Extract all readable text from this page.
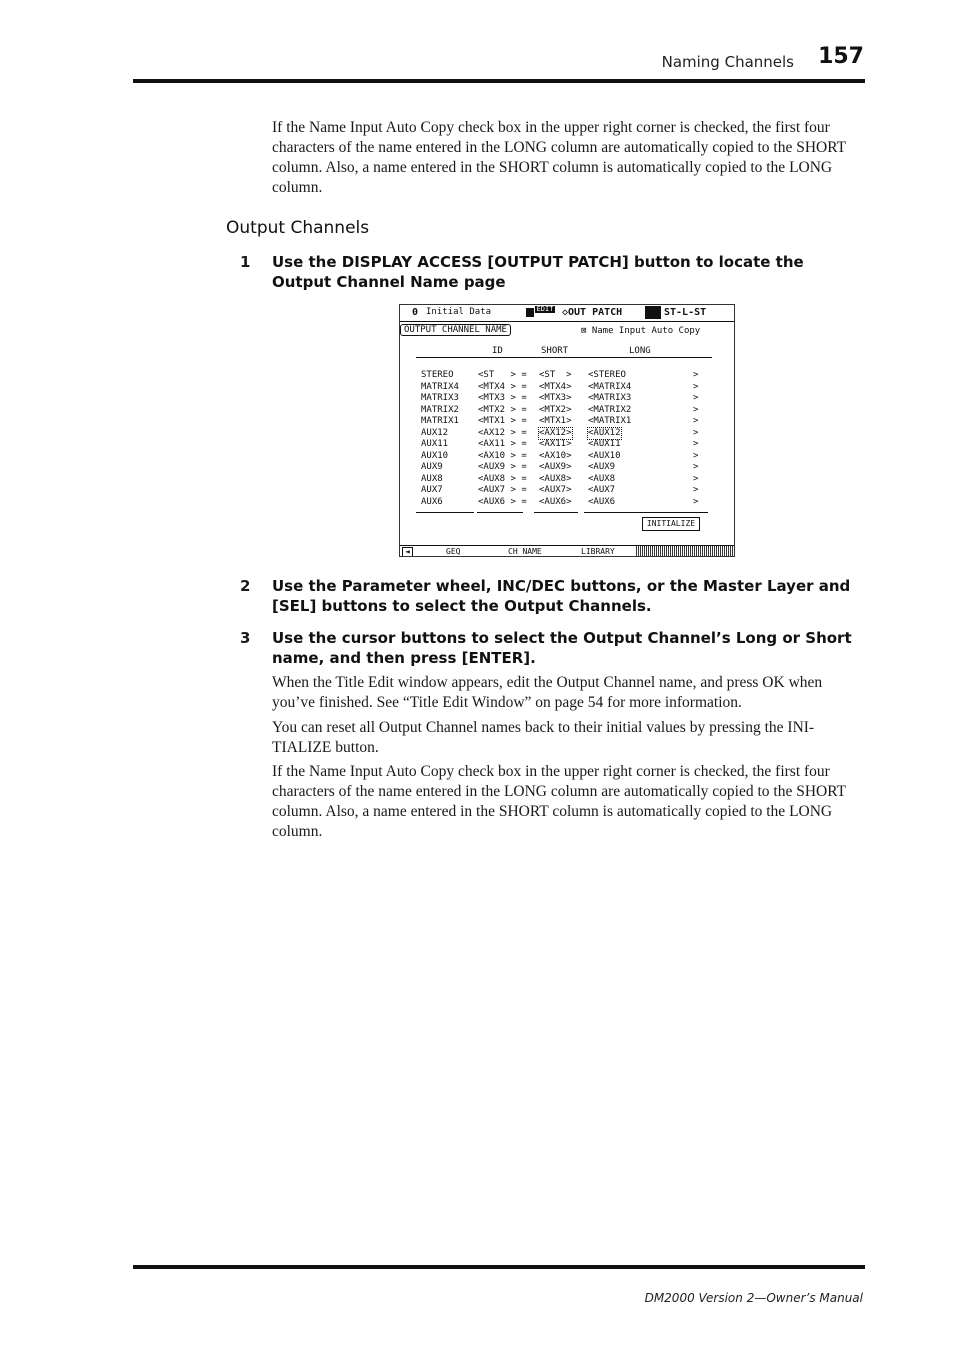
Naming Channels	157
If the Name Input Auto Copy check box in the upper right corner is checked, the first four characters of the name entered in the LONG column are automatically copied to the SHORT column. Also, a name entered in the SHORT column is automatically copied to the LONG column.
Output Channels
1 Use the DISPLAY ACCESS [OUTPUT PATCH] button to locate the Output Channel Name page
0 Initial Data	EDIT ◇OUT PATCH	ST-L-ST
OUTPUT CHANNEL NAME	⊠ Name Input Auto Copy
ID	SHORT	LONG
STEREO	<ST   > = <ST  > <STEREO	>
MATRIX4 <MTX4 > = <MTX4> <MATRIX4	>
MATRIX3 <MTX3 > = <MTX3> <MATRIX3	>
MATRIX2 <MTX2 > = <MTX2> <MATRIX2	>
MATRIX1 <MTX1 > = <MTX1> <MATRIX1	>
AUX12	<AX12 > = <AX12> <AUX12	>
AUX11	<AX11 > = <AX11> <AUX11	>
AUX10	<AX10 > = <AX10> <AUX10	>
AUX9	<AUX9 > = <AUX9> <AUX9	>
AUX8	<AUX8 > = <AUX8> <AUX8	>
AUX7	<AUX7 > = <AUX7> <AUX7	>
AUX6	<AUX6 > = <AUX6> <AUX6	>
INITIALIZE
◄	GEQ	CH NAME	LIBRARY
2 Use the Parameter wheel, INC/DEC buttons, or the Master Layer and [SEL] buttons to select the Output Channels.
3 Use the cursor buttons to select the Output Channel’s Long or Short name, and then press [ENTER].
When the Title Edit window appears, edit the Output Channel name, and press OK when you’ve finished. See “Title Edit Window” on page 54 for more information.
You can reset all Output Channel names back to their initial values by pressing the INI-TIALIZE button.
If the Name Input Auto Copy check box in the upper right corner is checked, the first four characters of the name entered in the LONG column are automatically copied to the SHORT column. Also, a name entered in the SHORT column is automatically copied to the LONG column.
DM2000 Version 2—Owner’s Manual
